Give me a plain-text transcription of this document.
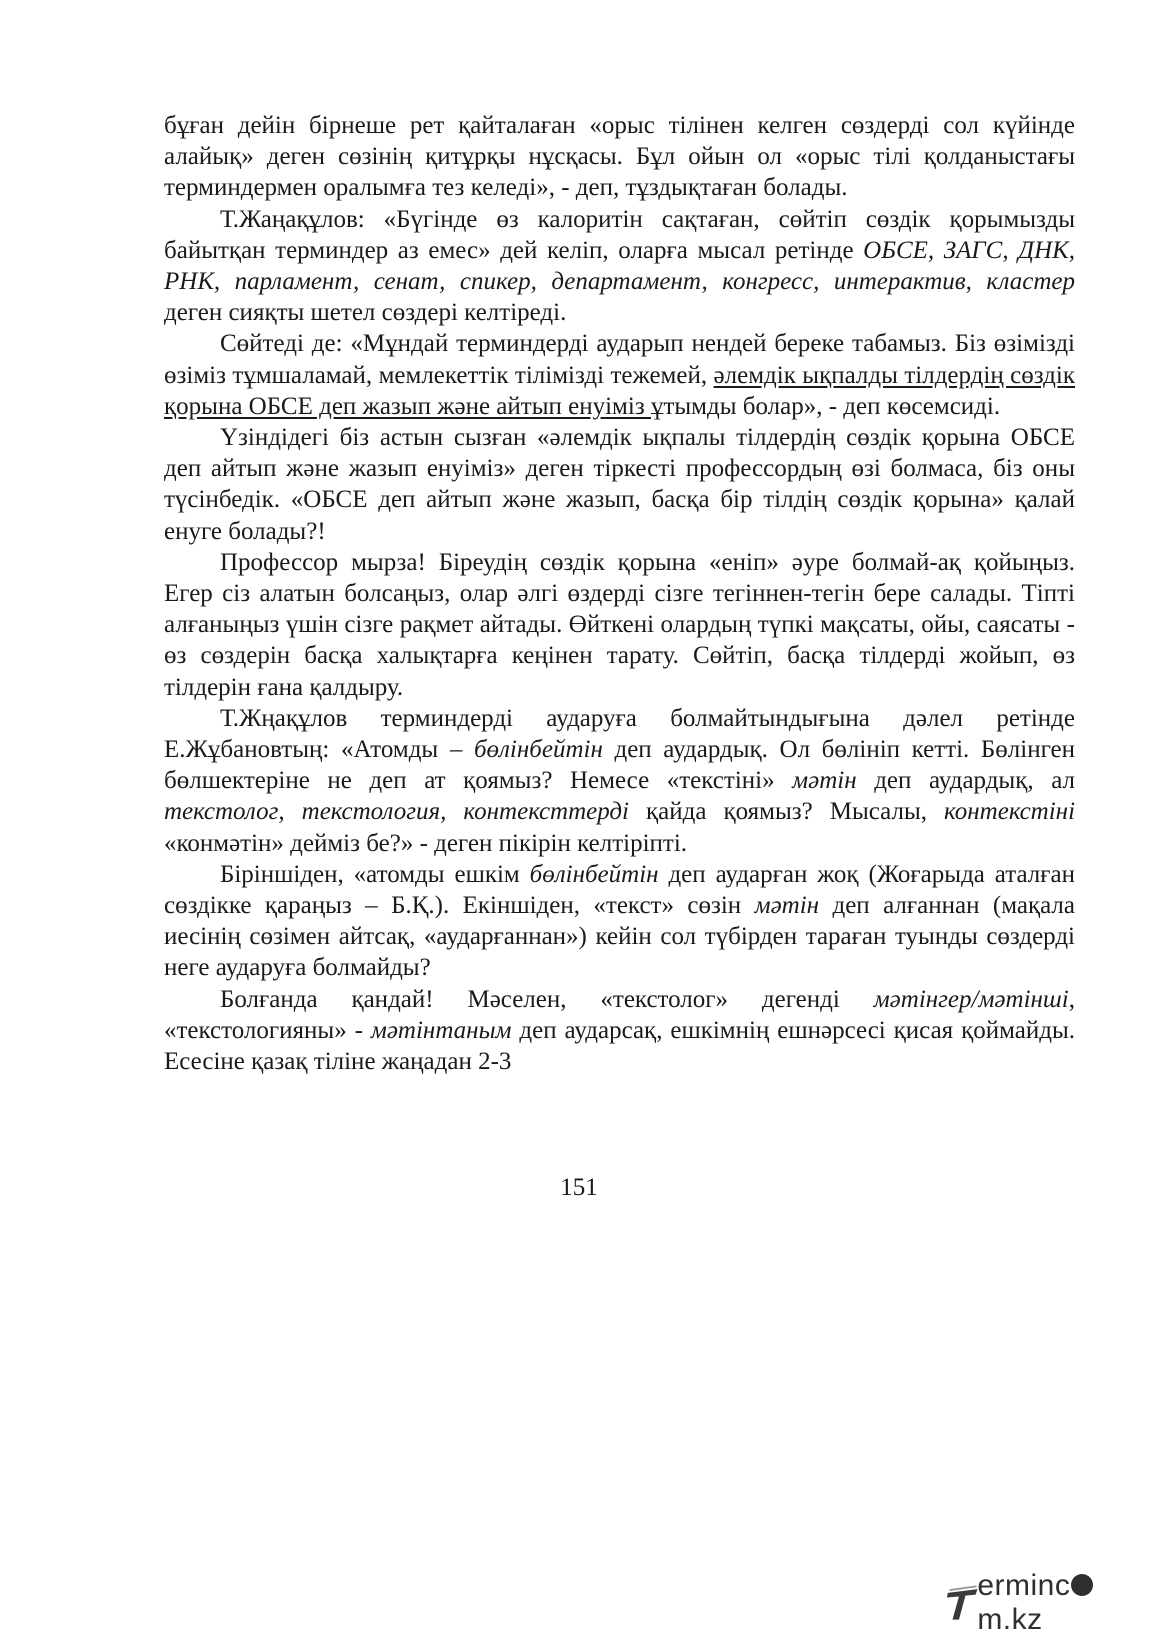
бұған дейін бірнеше рет қайталаған «орыс тілінен келген сөздерді сол күйінде алайық» деген сөзінің қитұрқы нұсқасы. Бұл ойын ол «орыс тілі қолданыстағы терминдермен оралымға тез келеді», - деп, тұздықтаған болады.

Т.Жаңақұлов: «Бүгінде өз калоритін сақтаған, сөйтіп сөздік қорымызды байытқан терминдер аз емес» дей келіп, оларға мысал ретінде ОБСЕ, ЗАГС, ДНК, РНК, парламент, сенат, спикер, департамент, конгресс, интерактив, кластер деген сияқты шетел сөздері келтіреді.

Сөйтеді де: «Мұндай терминдерді аударып нендей береке табамыз. Біз өзімізді өзіміз тұмшаламай, мемлекеттік тілімізді тежемей, әлемдік ықпалды тілдердің сөздік қорына ОБСЕ деп жазып және айтып енуіміз ұтымды болар», - деп көсемсиді.

Үзіндідегі біз астын сызған «әлемдік ықпалы тілдердің сөздік қорына ОБСЕ деп айтып және жазып енуіміз» деген тіркесті профессордың өзі болмаса, біз оны түсінбедік. «ОБСЕ деп айтып және жазып, басқа бір тілдің сөздік қорына» қалай енуге болады?!

Профессор мырза! Біреудің сөздік қорына «еніп» әуре болмай-ақ қойыңыз. Егер сіз алатын болсаңыз, олар әлгі өздерді сізге тегіннен-тегін бере салады. Тіпті алғаныңыз үшін сізге рақмет айтады. Өйткені олардың түпкі мақсаты, ойы, саясаты - өз сөздерін басқа халықтарға кеңінен тарату. Сөйтіп, басқа тілдерді жойып, өз тілдерін ғана қалдыру.

Т.Жңақұлов терминдерді аударуға болмайтындығына дәлел ретінде Е.Жұбановтың: «Атомды – бөлінбейтін деп аудардық. Ол бөлініп кетті. Бөлінген бөлшектеріне не деп ат қоямыз? Немесе «текстіні» мәтін деп аудардық, ал текстолог, текстология, контексттерді қайда қоямыз? Мысалы, контекстіні «конмәтін» дейміз бе?» - деген пікірін келтіріпті.

Біріншіден, «атомды ешкім бөлінбейтін деп аударған жоқ (Жоғарыда аталған сөздікке қараңыз – Б.Қ.). Екіншіден, «текст» сөзін мәтін деп алғаннан (мақала иесінің сөзімен айтсақ, «аударғаннан») кейін сол түбірден тараған туынды сөздерді неге аударуға болмайды?

Болғанда қандай! Мәселен, «текстолог» дегенді мәтінгер/мәтінші, «текстологияны» - мәтінтаным деп аударсақ, ешкімнің ешнәрсесі қисая қоймайды. Есесіне қазақ тіліне жаңадан 2-3

151
ermincm.kz
